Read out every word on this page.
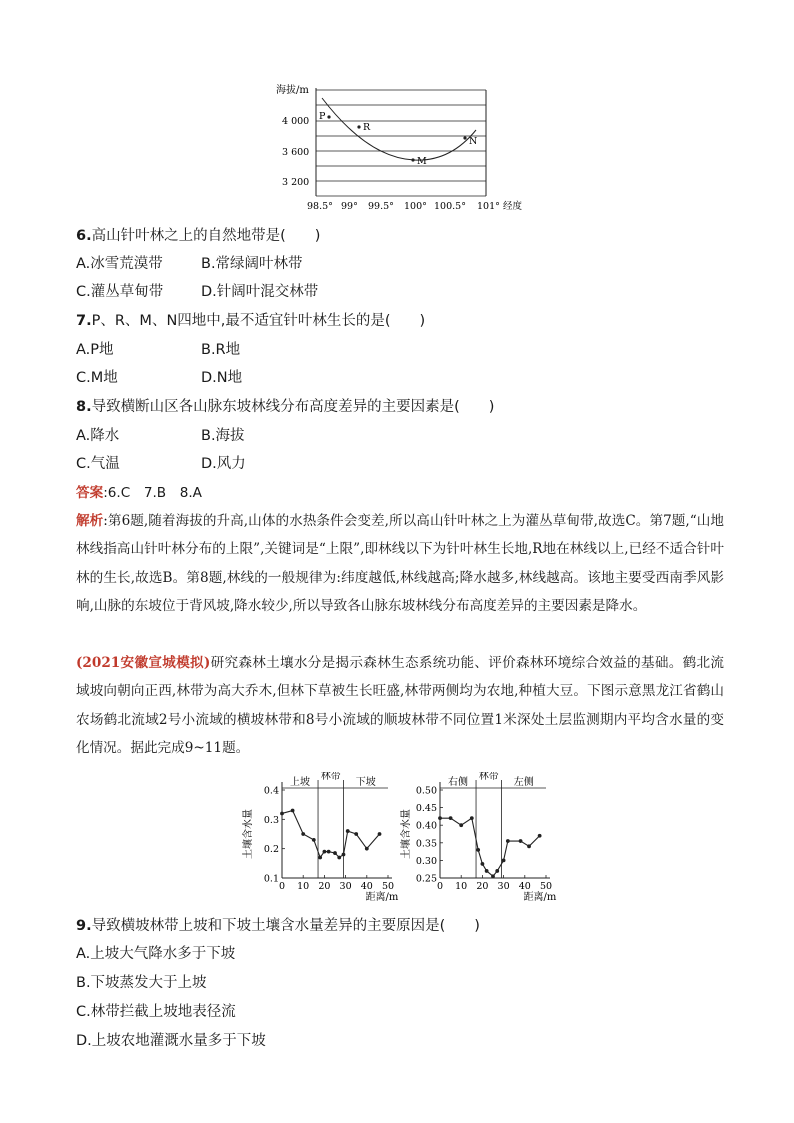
海拔/m
4 000
3 600
3 200
P
R
M
N
98.5° 99° 99.5° 100° 100.5° 101° 经度
6.高山针叶林之上的自然地带是(　　)
A.冰雪荒漠带	B.常绿阔叶林带
C.灌丛草甸带	D.针阔叶混交林带
7.P、R、M、N四地中,最不适宜针叶林生长的是(　　)
A.P地	B.R地
C.M地	D.N地
8.导致横断山区各山脉东坡林线分布高度差异的主要因素是(　　)
A.降水	B.海拔
C.气温	D.风力
答案:6.C　7.B　8.A
解析:第6题,随着海拔的升高,山体的水热条件会变差,所以高山针叶林之上为灌丛草甸带,故选C。第7题,“山地林线指高山针叶林分布的上限”,关键词是“上限”,即林线以下为针叶林生长地,R地在林线以上,已经不适合针叶林的生长,故选B。第8题,林线的一般规律为:纬度越低,林线越高;降水越多,林线越高。该地主要受西南季风影响,山脉的东坡位于背风坡,降水较少,所以导致各山脉东坡林线分布高度差异的主要因素是降水。
(2021安徽宣城模拟)研究森林土壤水分是揭示森林生态系统功能、评价森林环境综合效益的基础。鹤北流域坡向朝向正西,林带为高大乔木,但林下草被生长旺盛,林带两侧均为农地,种植大豆。下图示意黑龙江省鹤山农场鹤北流域2号小流域的横坡林带和8号小流域的顺坡林带不同位置1米深处土层监测期内平均含水量的变化情况。据此完成9~11题。
上坡
林带
下坡
0.4
0.3
0.2
0.1
0 10 20 30 40 50
距离/m
土壤含水量
右侧
林带
左侧
0.50
0.45
0.40
0.35
0.30
0.25
0 10 20 30 40 50
距离/m
土壤含水量
9.导致横坡林带上坡和下坡土壤含水量差异的主要原因是(　　)
A.上坡大气降水多于下坡
B.下坡蒸发大于上坡
C.林带拦截上坡地表径流
D.上坡农地灌溉水量多于下坡
